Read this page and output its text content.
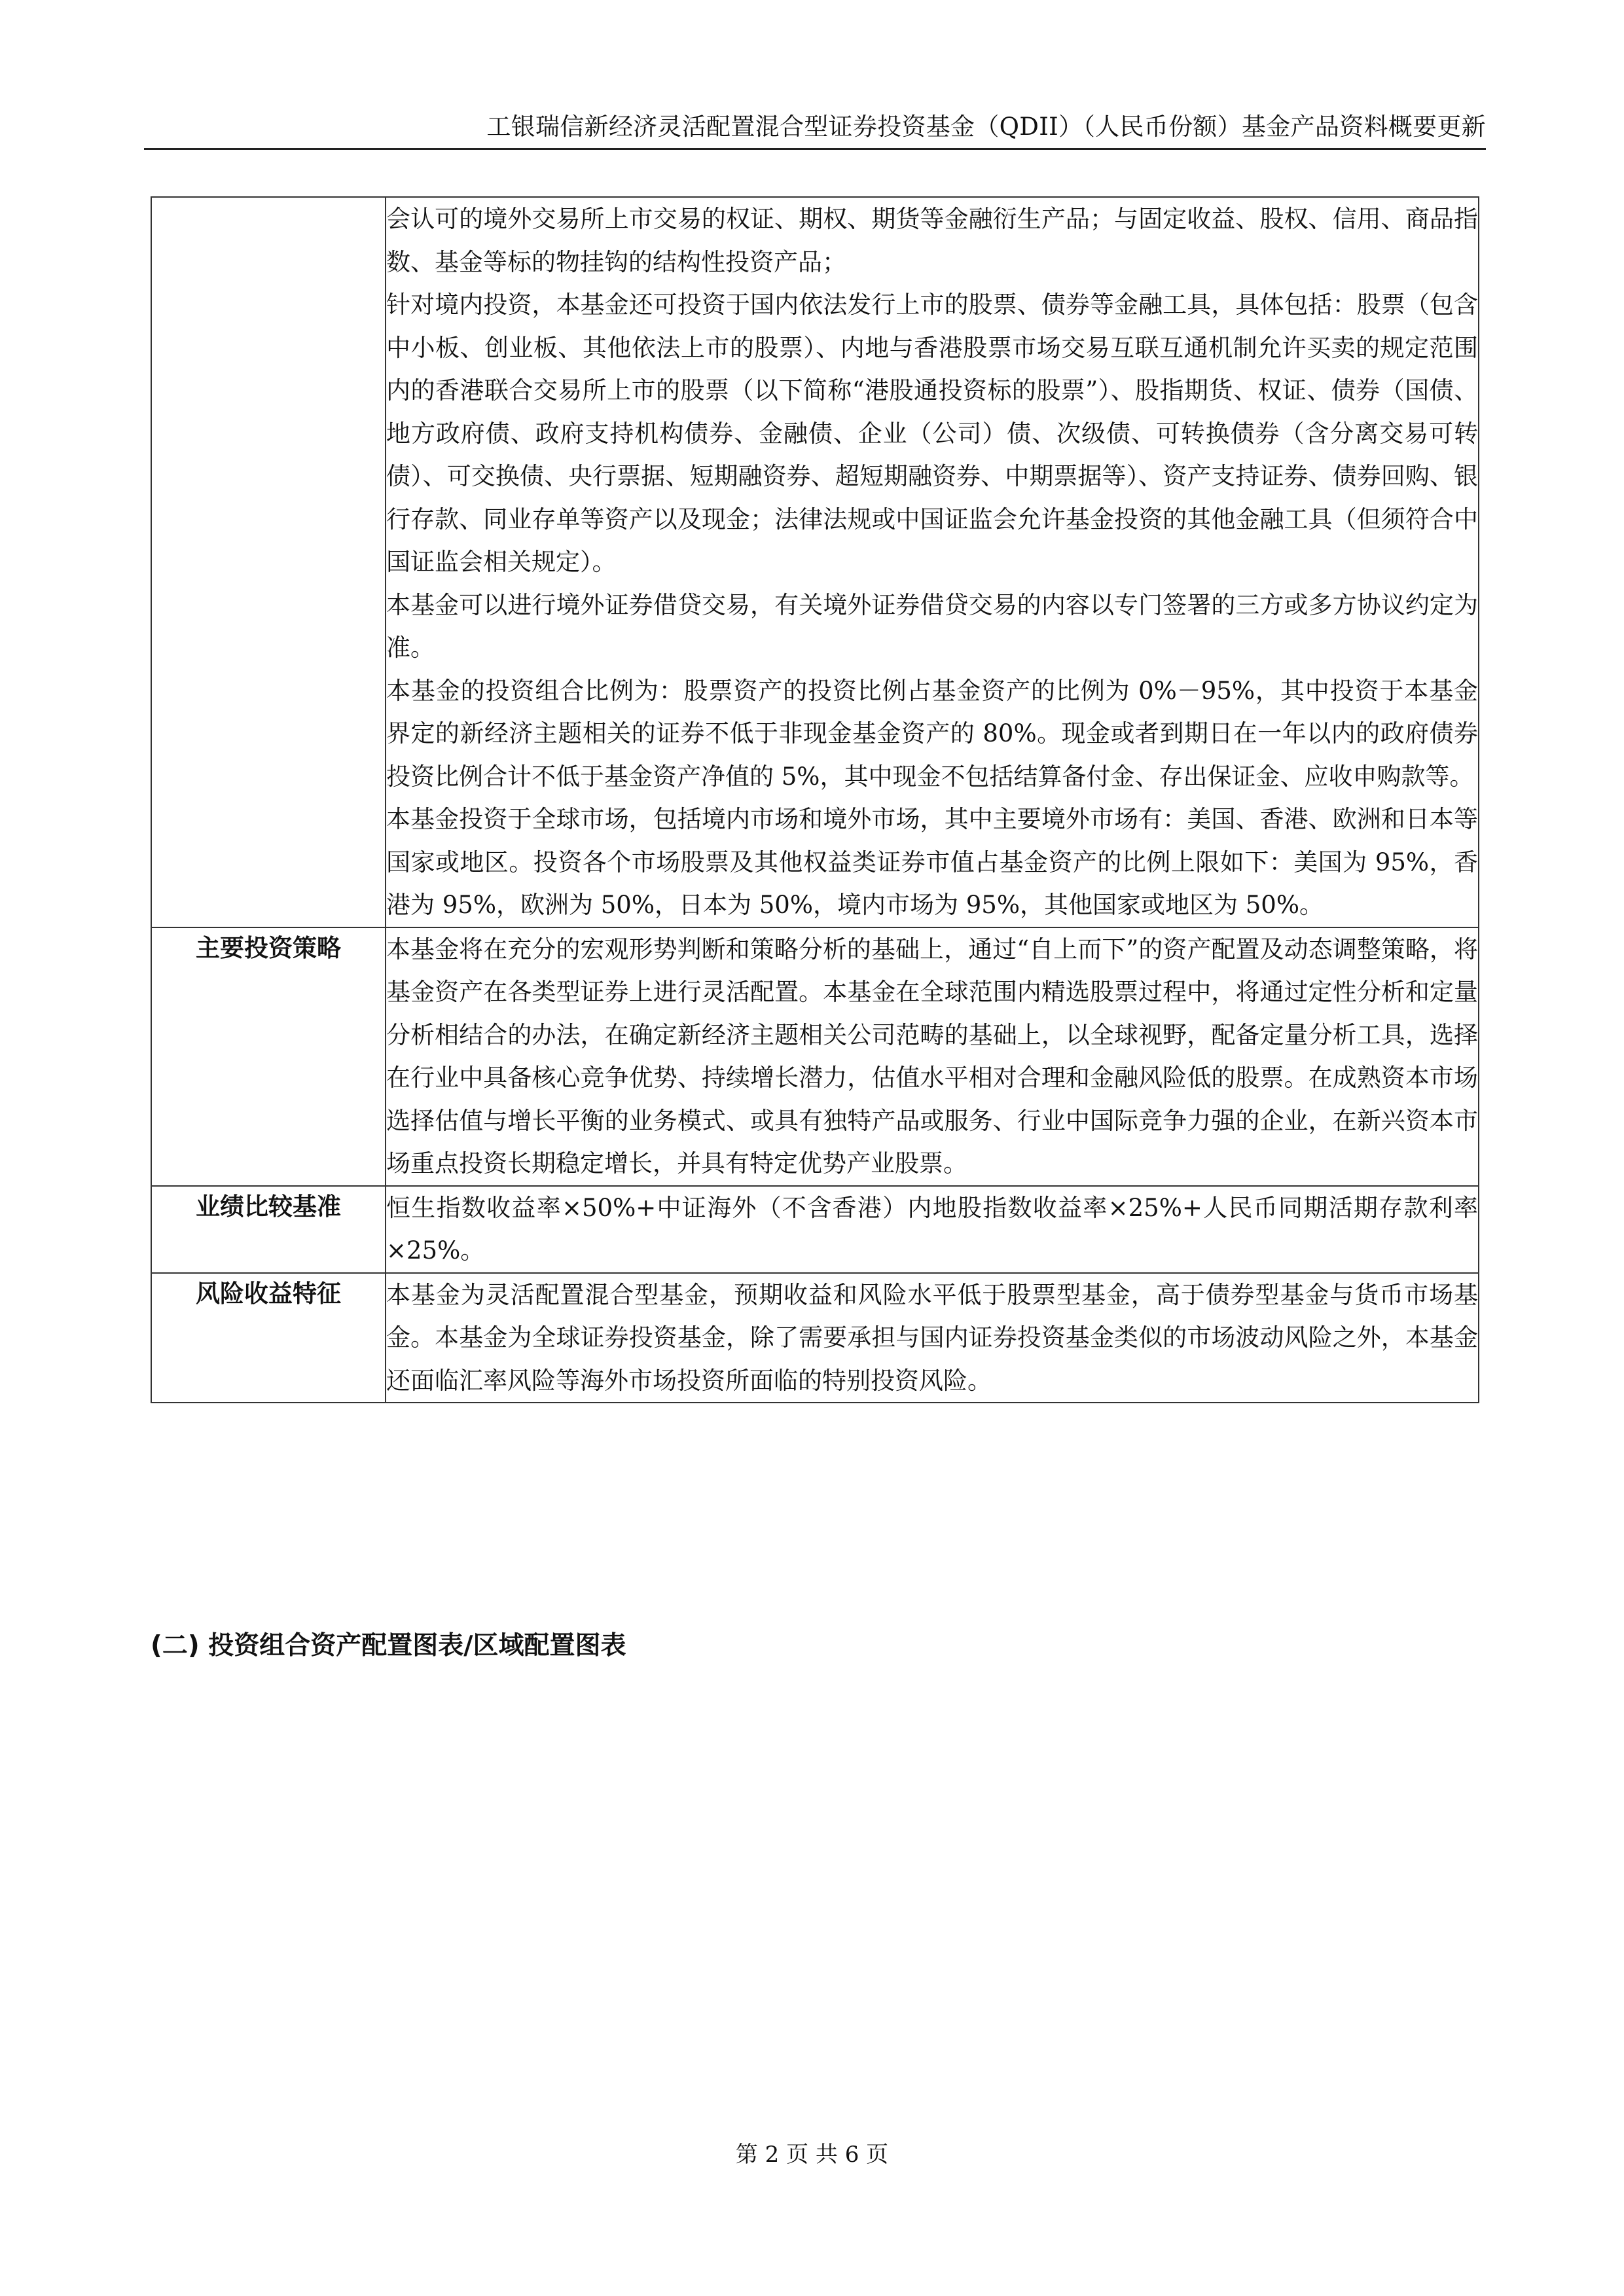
工银瑞信新经济灵活配置混合型证券投资基金（QDII）（人民币份额）基金产品资料概要更新

	会认可的境外交易所上市交易的权证、期权、期货等金融衍生产品；与固定收益、股权、信用、商品指数、基金等标的物挂钩的结构性投资产品；

针对境内投资，本基金还可投资于国内依法发行上市的股票、债券等金融工具，具体包括：股票（包含中小板、创业板、其他依法上市的股票）、内地与香港股票市场交易互联互通机制允许买卖的规定范围内的香港联合交易所上市的股票（以下简称“港股通投资标的股票”）、股指期货、权证、债券（国债、地方政府债、政府支持机构债券、金融债、企业（公司）债、次级债、可转换债券（含分离交易可转债）、可交换债、央行票据、短期融资券、超短期融资券、中期票据等）、资产支持证券、债券回购、银行存款、同业存单等资产以及现金；法律法规或中国证监会允许基金投资的其他金融工具（但须符合中国证监会相关规定）。

本基金可以进行境外证券借贷交易，有关境外证券借贷交易的内容以专门签署的三方或多方协议约定为准。

本基金的投资组合比例为：股票资产的投资比例占基金资产的比例为 0%－95%，其中投资于本基金界定的新经济主题相关的证券不低于非现金基金资产的 80%。现金或者到期日在一年以内的政府债券投资比例合计不低于基金资产净值的 5%，其中现金不包括结算备付金、存出保证金、应收申购款等。

本基金投资于全球市场，包括境内市场和境外市场，其中主要境外市场有：美国、香港、欧洲和日本等国家或地区。投资各个市场股票及其他权益类证券市值占基金资产的比例上限如下：美国为 95%，香港为 95%，欧洲为 50%，日本为 50%，境内市场为 95%，其他国家或地区为 50%。

主要投资策略	本基金将在充分的宏观形势判断和策略分析的基础上，通过“自上而下”的资产配置及动态调整策略，将基金资产在各类型证券上进行灵活配置。本基金在全球范围内精选股票过程中，将通过定性分析和定量分析相结合的办法，在确定新经济主题相关公司范畴的基础上，以全球视野，配备定量分析工具，选择在行业中具备核心竞争优势、持续增长潜力，估值水平相对合理和金融风险低的股票。在成熟资本市场选择估值与增长平衡的业务模式、或具有独特产品或服务、行业中国际竞争力强的企业，在新兴资本市场重点投资长期稳定增长，并具有特定优势产业股票。

业绩比较基准	恒生指数收益率×50%+中证海外（不含香港）内地股指数收益率×25%+人民币同期活期存款利率×25%。

风险收益特征	本基金为灵活配置混合型基金，预期收益和风险水平低于股票型基金，高于债券型基金与货币市场基金。本基金为全球证券投资基金，除了需要承担与国内证券投资基金类似的市场波动风险之外，本基金还面临汇率风险等海外市场投资所面临的特别投资风险。

(二) 投资组合资产配置图表/区域配置图表
第 2 页 共 6 页
